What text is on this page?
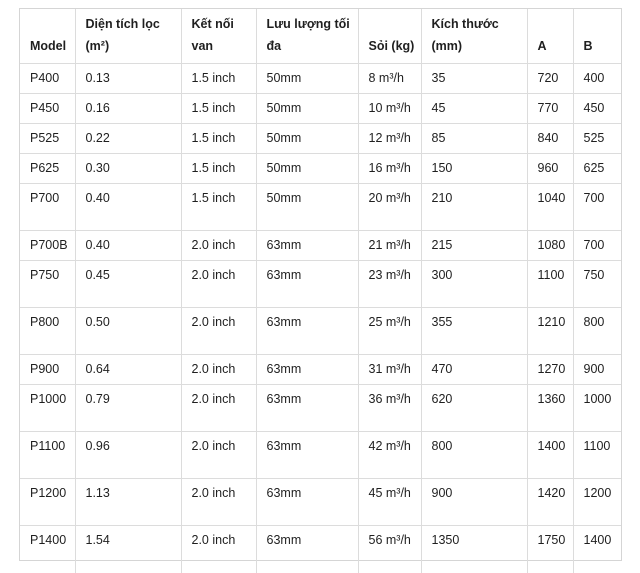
Model	Diện tích lọc (m²)	Kết nối van	Lưu lượng tối đa	Sỏi (kg)	Kích thước (mm)	A	B
P400	0.13	1.5 inch	50mm	8 m³/h	35	720	400
P450	0.16	1.5 inch	50mm	10 m³/h	45	770	450
P525	0.22	1.5 inch	50mm	12 m³/h	85	840	525
P625	0.30	1.5 inch	50mm	16 m³/h	150	960	625
P700	0.40	1.5 inch	50mm	20 m³/h	210	1040	700
P700B	0.40	2.0 inch	63mm	21 m³/h	215	1080	700
P750	0.45	2.0 inch	63mm	23 m³/h	300	1100	750
P800	0.50	2.0 inch	63mm	25 m³/h	355	1210	800
P900	0.64	2.0 inch	63mm	31 m³/h	470	1270	900
P1000	0.79	2.0 inch	63mm	36 m³/h	620	1360	1000
P1100	0.96	2.0 inch	63mm	42 m³/h	800	1400	1100
P1200	1.13	2.0 inch	63mm	45 m³/h	900	1420	1200
P1400	1.54	2.0 inch	63mm	56 m³/h	1350	1750	1400
